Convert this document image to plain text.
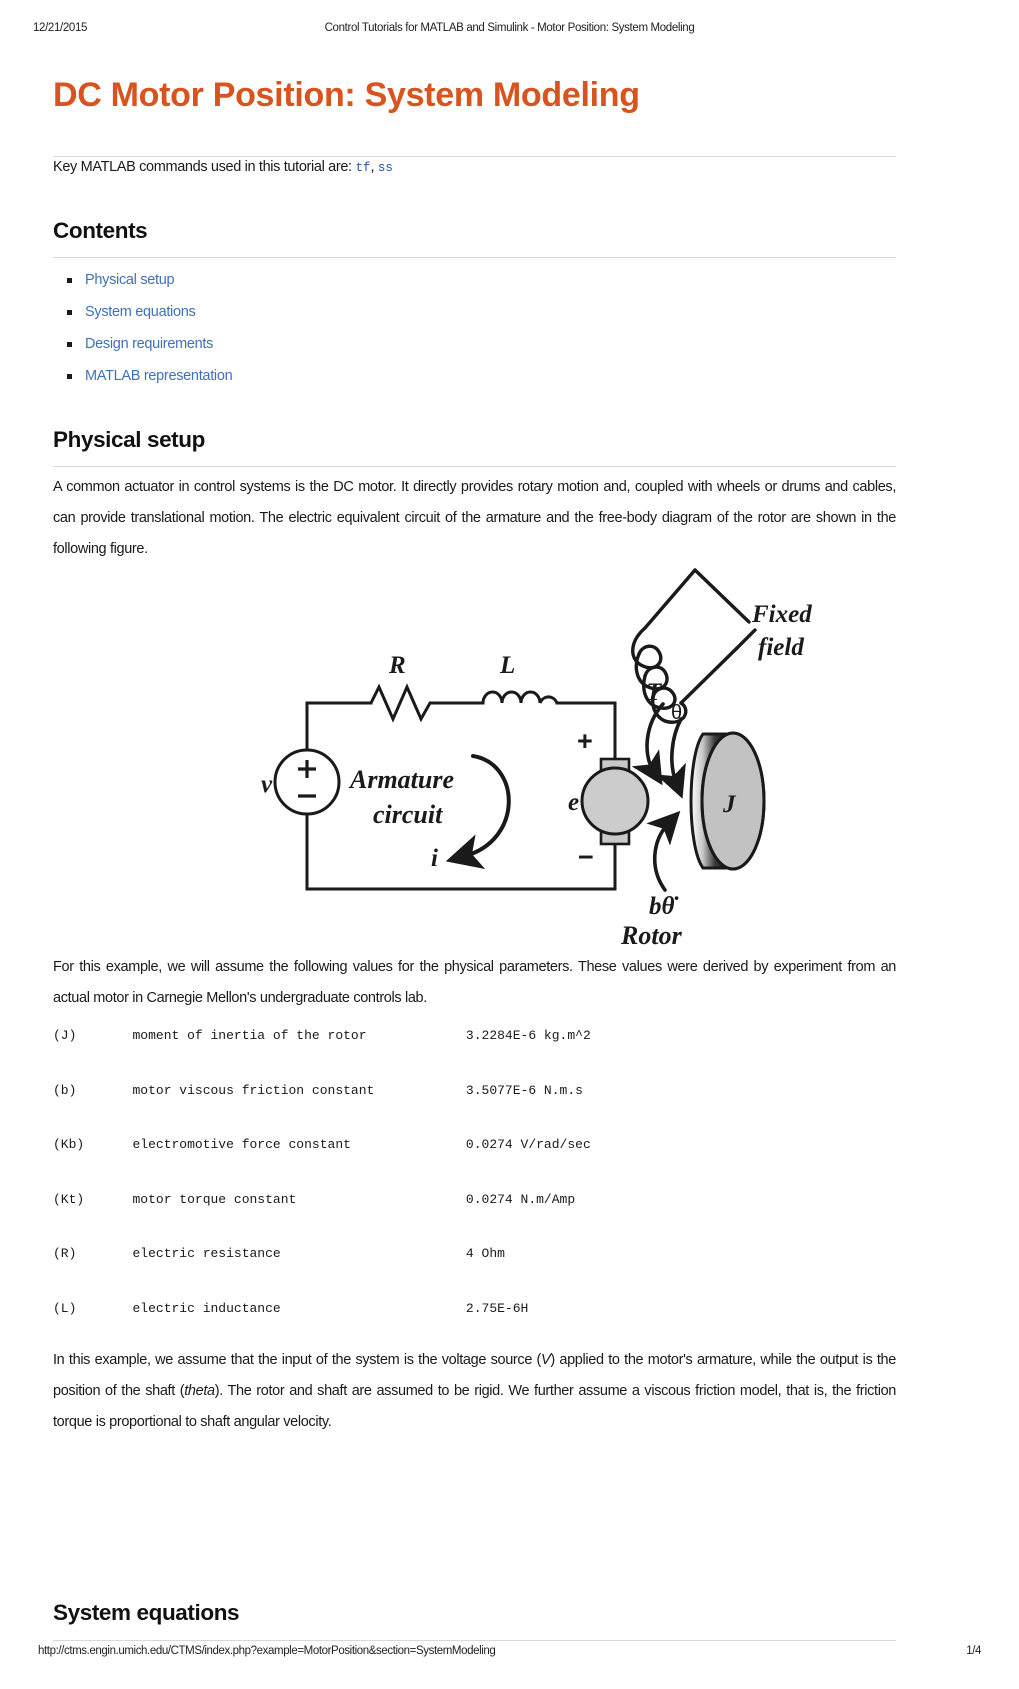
12/21/2015	Control Tutorials for MATLAB and Simulink - Motor Position: System Modeling
DC Motor Position: System Modeling
Key MATLAB commands used in this tutorial are: tf, ss
Contents
Physical setup
System equations
Design requirements
MATLAB representation
Physical setup

A common actuator in control systems is the DC motor. It directly provides rotary motion and, coupled with wheels or drums and cables, can provide translational motion. The electric equivalent circuit of the armature and the free-body diagram of the rotor are shown in the following figure.

Fixed
field
R	L
v	Armature
circuit
i
e
+
−
T
θ
J
bθ̇
Rotor

For this example, we will assume the following values for the physical parameters. These values were derived by experiment from an actual motor in Carnegie Mellon's undergraduate controls lab.

(J)	moment of inertia of the rotor	3.2284E-6 kg.m^2
(b)	motor viscous friction constant	3.5077E-6 N.m.s
(Kb)	electromotive force constant	0.0274 V/rad/sec
(Kt)	motor torque constant	0.0274 N.m/Amp
(R)	electric resistance	4 Ohm
(L)	electric inductance	2.75E-6H

In this example, we assume that the input of the system is the voltage source (V) applied to the motor's armature, while the output is the position of the shaft (theta). The rotor and shaft are assumed to be rigid. We further assume a viscous friction model, that is, the friction torque is proportional to shaft angular velocity.

System equations
http://ctms.engin.umich.edu/CTMS/index.php?example=MotorPosition&section=SystemModeling	1/4
